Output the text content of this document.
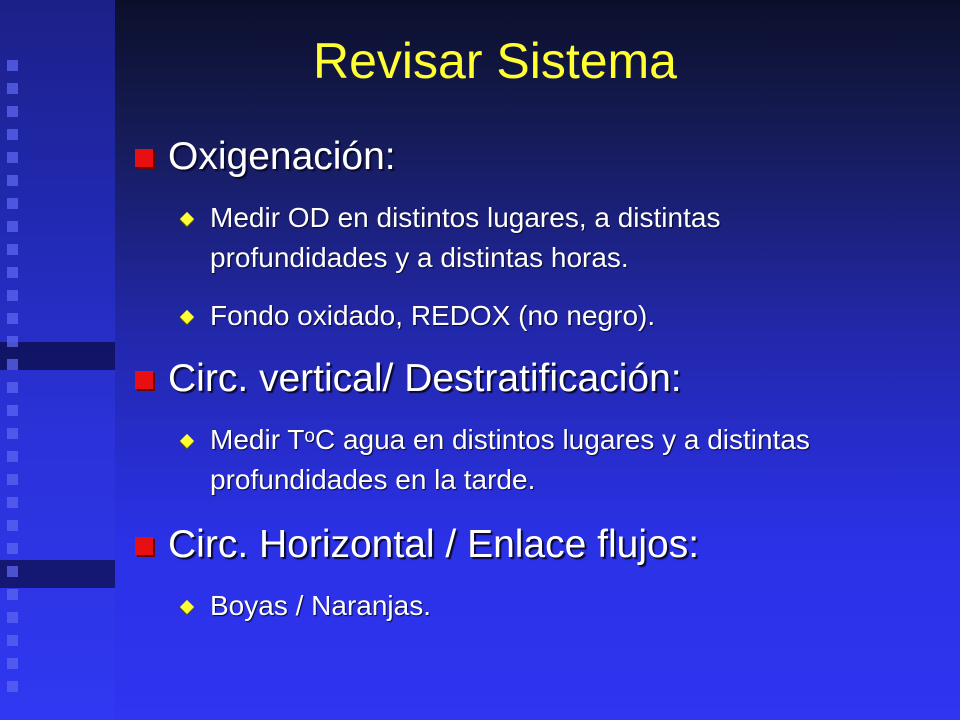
Revisar Sistema
Oxigenación:
Medir OD en distintos lugares, a distintas profundidades y a distintas horas.
Fondo oxidado, REDOX (no negro).
Circ. vertical/ Destratificación:
Medir $T^oC$ agua en distintos lugares y a distintas profundidades en la tarde.
Circ. Horizontal / Enlace flujos:
Boyas / Naranjas.
